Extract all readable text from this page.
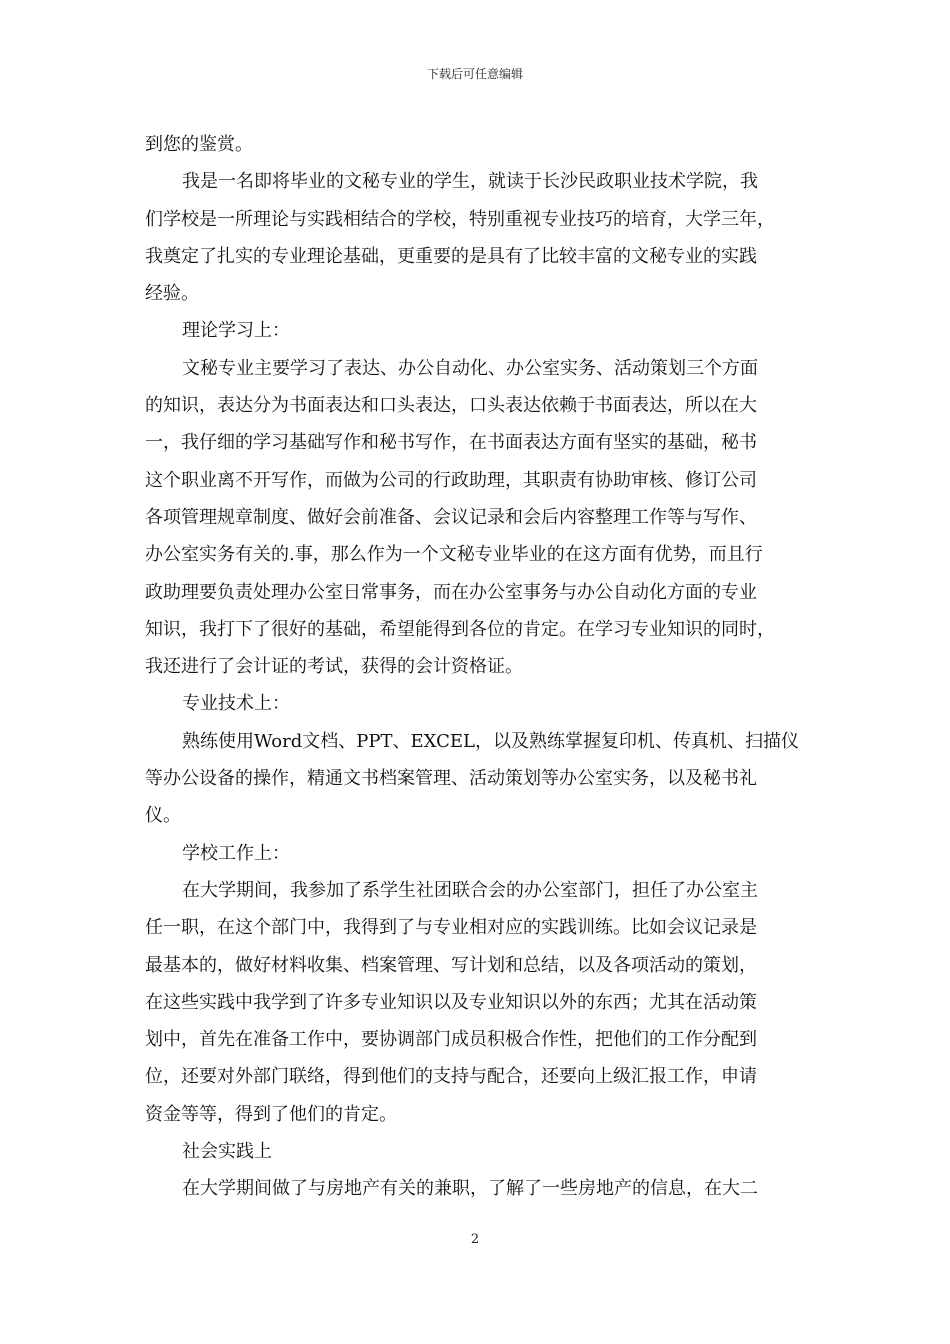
下载后可任意编辑
到您的鉴赏。
我是一名即将毕业的文秘专业的学生，就读于长沙民政职业技术学院，我
们学校是一所理论与实践相结合的学校，特别重视专业技巧的培育，大学三年，
我奠定了扎实的专业理论基础，更重要的是具有了比较丰富的文秘专业的实践
经验。
理论学习上：
文秘专业主要学习了表达、办公自动化、办公室实务、活动策划三个方面
的知识，表达分为书面表达和口头表达，口头表达依赖于书面表达，所以在大
一，我仔细的学习基础写作和秘书写作，在书面表达方面有坚实的基础，秘书
这个职业离不开写作，而做为公司的行政助理，其职责有协助审核、修订公司
各项管理规章制度、做好会前准备、会议记录和会后内容整理工作等与写作、
办公室实务有关的.事，那么作为一个文秘专业毕业的在这方面有优势，而且行
政助理要负责处理办公室日常事务，而在办公室事务与办公自动化方面的专业
知识，我打下了很好的基础，希望能得到各位的肯定。在学习专业知识的同时，
我还进行了会计证的考试，获得的会计资格证。
专业技术上：
熟练使用Word文档、PPT、EXCEL，以及熟练掌握复印机、传真机、扫描仪
等办公设备的操作，精通文书档案管理、活动策划等办公室实务，以及秘书礼
仪。
学校工作上：
在大学期间，我参加了系学生社团联合会的办公室部门，担任了办公室主
任一职，在这个部门中，我得到了与专业相对应的实践训练。比如会议记录是
最基本的，做好材料收集、档案管理、写计划和总结，以及各项活动的策划，
在这些实践中我学到了许多专业知识以及专业知识以外的东西；尤其在活动策
划中，首先在准备工作中，要协调部门成员积极合作性，把他们的工作分配到
位，还要对外部门联络，得到他们的支持与配合，还要向上级汇报工作，申请
资金等等，得到了他们的肯定。
社会实践上
在大学期间做了与房地产有关的兼职，了解了一些房地产的信息，在大二
2
